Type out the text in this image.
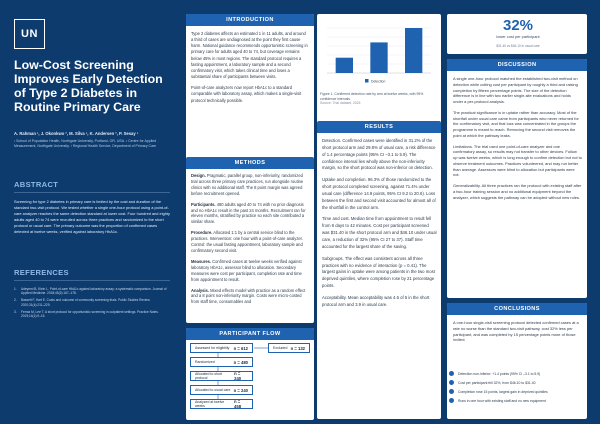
UN
Low-Cost Screening Improves Early Detection of Type 2 Diabetes in Routine Primary Care
A. Rahman ¹, J. Okonkwo ², M. Silva ¹, K. Andersen ², P. Sesay ¹
¹ School of Population Health, Northgate University, Portland, OR, USA. ² Centre for Applied Measurement, Northgate University. ³ Regional Health Service, Department of Primary Care
ABSTRACT
Screening for type 2 diabetes in primary care is limited by the cost and duration of the standard two-visit protocol. We tested whether a single one-hour protocol using a point-of-care analyzer reaches the same detection standard at lower cost. Four hundred and eighty adults aged 40 to 74 were recruited across three practices and randomized to the short protocol or usual care. The primary outcome was the proportion of confirmed cases detected at twelve weeks, verified against laboratory HbA1c.
REFERENCES
1.	Adeyemi B, Klein L. Point-of-care HbA1c against laboratory assay: a systematic comparison. Journal of Applied Medicine. 2018;45(2):167–178.
2.	Bassett F, Hart E. Costs and outcome of community screening trials. Public Studies Review. 2020;31(4):211–229.
3.	Ferraz M, Lee T. A short protocol for opportunistic screening in outpatient settings. Practice Notes. 2019;14(1):9–15.
INTRODUCTION

Type 2 diabetes affects an estimated 1 in 11 adults, and around a third of cases are undiagnosed at the point they first cause harm. National guidance recommends opportunistic screening in primary care for adults aged 40 to 74, but coverage remains below 45% in most regions. The standard protocol requires a fasting appointment, a laboratory sample and a second confirmatory visit, which takes clinical time and loses a substantial share of participants between visits.

Point-of-care analyzers now report HbA1c to a standard comparable with laboratory assay, which makes a single-visit protocol technically possible.

Detection
Figure 1. Confirmed detection rate by arm at twelve weeks, with 95% confidence intervals.
Source: Trial dataset, 2024
32%
lower cost per participant
$31.40 vs $46.10 in usual care
METHODS

Design. Pragmatic, parallel group, non-inferiority, randomized trial across three primary care practices, run alongside routine clinics with no additional staff. The 8 point margin was agreed before recruitment opened.

Participants. 480 adults aged 40 to 74 with no prior diagnosis and no HbA1c result in the past 24 months. Recruitment ran for eleven months, stratified by practice so each site contributed a similar share.

Procedure. Allocated 1:1 by a central service blind to the practices. Intervention: one hour with a point-of-care analyzer. Control: the usual fasting appointment, laboratory sample and confirmatory second visit.

Measures. Confirmed cases at twelve weeks verified against laboratory HbA1c, assessor blind to allocation. Secondary measures were cost per participant, completion rate and time from appointment to result.

Analysis. Mixed effects model with practice as a random effect and a 8 point non-inferiority margin. Costs were micro-costed from staff time, consumables and

PARTICIPANT FLOW
Assessed for eligibility n = 612	Excluded n = 132
Randomized	n = 480
Allocated to short protocol
n = 240
Allocated to usual care n = 240
Analyzed at twelve weeks
n = 458
RESULTS

Detection. Confirmed cases were identified in 31.2% of the short protocol arm and 29.8% of usual care, a risk difference of 1.4 percentage points (95% CI –3.1 to 5.9). The confidence interval lies wholly above the non-inferiority margin, so the short protocol was non-inferior on detection.

Uptake and completion. 96.3% of those randomized to the short protocol completed screening, against 71.4% under usual care (difference 14.9 points, 95% CI 9.2 to 20.6). Loss between the first and second visit accounted for almost all of the shortfall in the control arm.

Time and cost. Median time from appointment to result fell from 8 days to 42 minutes. Cost per participant screened was $31.40 in the short protocol arm and $46.10 under usual care, a reduction of 32% (95% CI 27 to 37). Staff time accounted for the largest share of the saving.

Subgroups. The effect was consistent across all three practices with no evidence of interaction (p = 0.41). The largest gains in uptake were among patients in the two most deprived quintiles, where completion rose by 21 percentage points.

Acceptability. Mean acceptability was 4.6 of 5 in the short protocol arm and 3.9 in usual care.

DISCUSSION

A single one-hour protocol matched the established two-visit method on detection while cutting cost per participant by roughly a third and raising completion by fifteen percentage points. The size of the detection difference is in line with two earlier single-site evaluations and holds under a per-protocol analysis.

The practical significance is in uptake rather than accuracy. Most of the shortfall under usual care came from participants who never returned for the confirmatory visit, and that loss was concentrated in the groups the programme is meant to reach. Removing the second visit removes the point at which the pathway leaks.

Limitations. The trial used one point-of-care analyzer and one confirmatory assay, so results may not transfer to other devices. Follow up was twelve weeks, which is long enough to confirm detection but not to observe treatment outcomes. Practices volunteered, and may run better than average. Assessors were blind to allocation but participants were not.

Generalizability. All three practices ran the protocol with existing staff after a two-hour training session and no additional equipment beyond the analyzer, which suggests the pathway can be adopted without new roles.

CONCLUSIONS
A one-hour single-visit screening protocol detected confirmed cases at a rate no worse than the standard two-visit pathway, cost 32% less per participant, and was completed by 15 percentage points more of those invited.
Detection non-inferior: +1.4 points (95% CI –3.1 to 5.9)
Cost per participant fell 32%, from $46.10 to $31.40
Completion rose 15 points, largest gain in deprived quintiles
Runs in one hour with existing staff and no new equipment
